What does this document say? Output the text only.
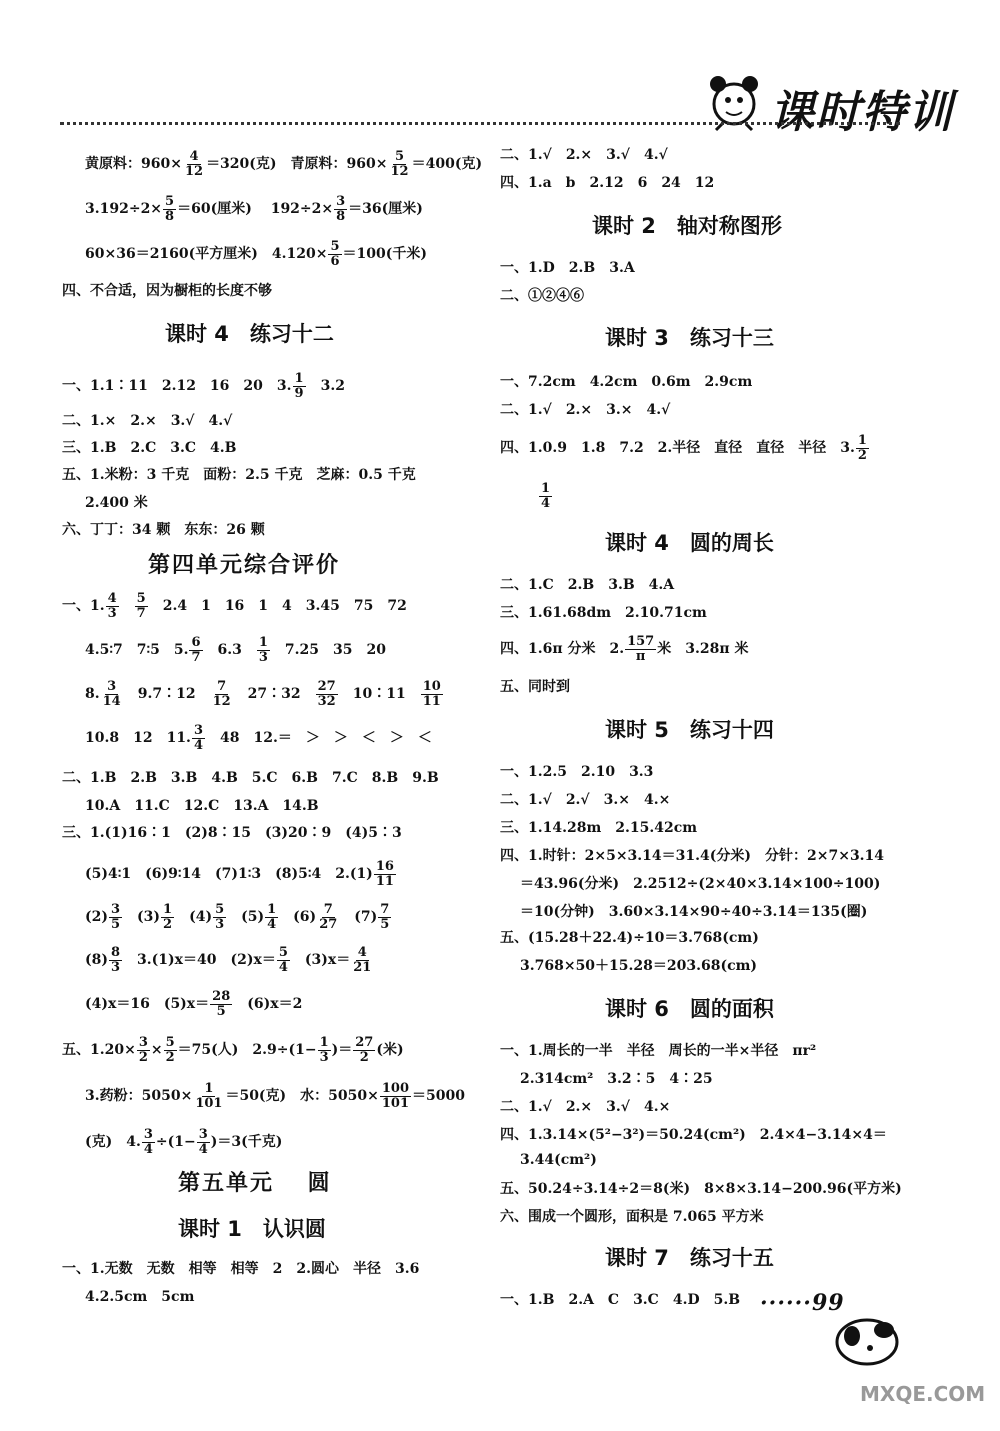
课时特训
黄原料：$960\times \frac{4}{12} =320$(克)　青原料：$960\times \frac{5}{12} =400$(克)
$3.192\div 2\times \frac{5}{8} =60$(厘米)　 $192\div 2\times \frac{3}{8} =36$(厘米)
60×36＝2160(平方厘米)　$4.120\times \frac{5}{6} =100$(千米)
四、不合适，因为橱柜的长度不够
课时 4　练习十二
一、1.1∶11　2.12　16　20　3. $\frac{1}{9}$ 　3.2
二、1.×　2.×　3.√　4.√
三、1.B　2.C　3.C　4.B
五、1.米粉：3 千克　面粉：2.5 千克　芝麻：0.5 千克
2.400 米
六、丁丁：34 颗　东东：26 颗
第四单元综合评价
一、1. $\frac{4}{3}$
　 $\frac{5}{7}$ 　2.4　1　16　1　4　3.45　75　72
4.5∶7　7∶5　5. $\frac{6}{7}$ 　6.3　 $\frac{1}{3}$ 　7.25　35　20
8. $\frac{3}{14}$ 　9.7∶12　 $\frac{7}{12}$ 　27∶32　 $\frac{27}{32}$ 　10∶11　 $\frac{10}{11}$
10.8　12　11. $\frac{3}{4}$ 　48　12.＝　＞　＞　＜　＞　＜
二、1.B　2.B　3.B　4.B　5.C　6.B　7.C　8.B　9.B
10.A　11.C　12.C　13.A　14.B
三、1.(1)16∶1　(2)8∶15　(3)20∶9　(4)5∶3
(5)4∶1　(6)9∶14　(7)1∶3　(8)5∶4　$2.(1) \frac{16}{11}$
$(2) \frac{3}{5}$ 　$(3) \frac{1}{2}$ 　$(4) \frac{5}{3}$ 　$(5) \frac{1}{4}$ 　$(6) \frac{7}{27}$ 　$(7) \frac{7}{5}$
$(8) \frac{8}{3}$ 　3.(1)x＝40　$(2)x= \frac{5}{4}$ 　$(3)x= \frac{4}{21}$
(4)x＝16　$(5)x= \frac{28}{5}$ 　(6)x＝2
五、$1.20\times \frac{3}{2} \times \frac{5}{2} =75$(人)　$2.9\div(1- \frac{1}{3}$ )＝ $\frac{27}{2}$ (米)
3.药粉：$5050\times \frac{1}{101} =50$(克)　水：$5050\times \frac{100}{101} =5000$
(克)　4. $\frac{3}{4} \div(1- \frac{3}{4} )=3$(千克)
第五单元　 圆
课时 1　认识圆
一、1.无数　无数　相等　相等　2　2.圆心　半径　3.6
4.2.5cm　5cm
二、1.√　2.×　3.√　4.√
四、1.a　b　2.12　6　24　12
课时 2　轴对称图形
一、1.D　2.B　3.A
二、①②④⑥
课时 3　练习十三
一、7.2cm　4.2cm　0.6m　2.9cm
二、1.√　2.×　3.×　4.√
四、1.0.9　1.8　7.2　2.半径　直径　直径　半径　3. $\frac{1}{2}$
$\frac{1}{4}$
课时 4　圆的周长
二、1.C　2.B　3.B　4.A
三、1.61.68dm　2.10.71cm
四、1.6π 分米　2. $\frac{157}{\pi}$ 米　3.28π 米
五、同时到
课时 5　练习十四
一、1.2.5　2.10　3.3
二、1.√　2.√　3.×　4.×
三、1.14.28m　2.15.42cm
四、1.时针：2×5×3.14＝31.4(分米)　分针：2×7×3.14
＝43.96(分米)　2.2512÷(2×40×3.14×100÷100)
＝10(分钟)　3.60×3.14×90÷40÷3.14＝135(圈)
五、(15.28＋22.4)÷10＝3.768(cm)
3.768×50＋15.28＝203.68(cm)
课时 6　圆的面积
一、1.周长的一半　半径　周长的一半×半径　πr²
2.314cm²　3.2∶5　4∶25
二、1.√　2.×　3.√　4.×
四、1.3.14×(5²−3²)＝50.24(cm²)　2.4×4−3.14×4＝
3.44(cm²)
五、50.24÷3.14÷2＝8(米)　8×8×3.14−200.96(平方米)
六、围成一个圆形，面积是 7.065 平方米
课时 7　练习十五
一、1.B　2.A　C　3.C　4.D　5.B ······99
MXQE.COM
